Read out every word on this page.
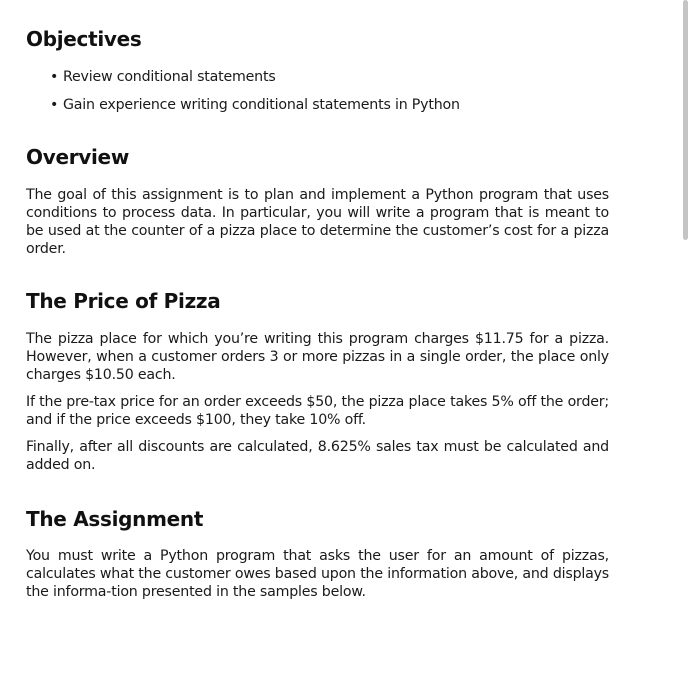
Objectives
• Review conditional statements
• Gain experience writing conditional statements in Python
Overview

The goal of this assignment is to plan and implement a Python program that uses conditions to process data. In particular, you will write a program that is meant to be used at the counter of a pizza place to determine the customer’s cost for a pizza order.

The Price of Pizza

The pizza place for which you’re writing this program charges $11.75 for a pizza. However, when a customer orders 3 or more pizzas in a single order, the place only charges $10.50 each.

If the pre-tax price for an order exceeds $50, the pizza place takes 5% off the order; and if the price exceeds $100, they take 10% off.

Finally, after all discounts are calculated, 8.625% sales tax must be calculated and added on.

The Assignment

You must write a Python program that asks the user for an amount of pizzas, calculates what the customer owes based upon the information above, and displays the informa-tion presented in the samples below.
